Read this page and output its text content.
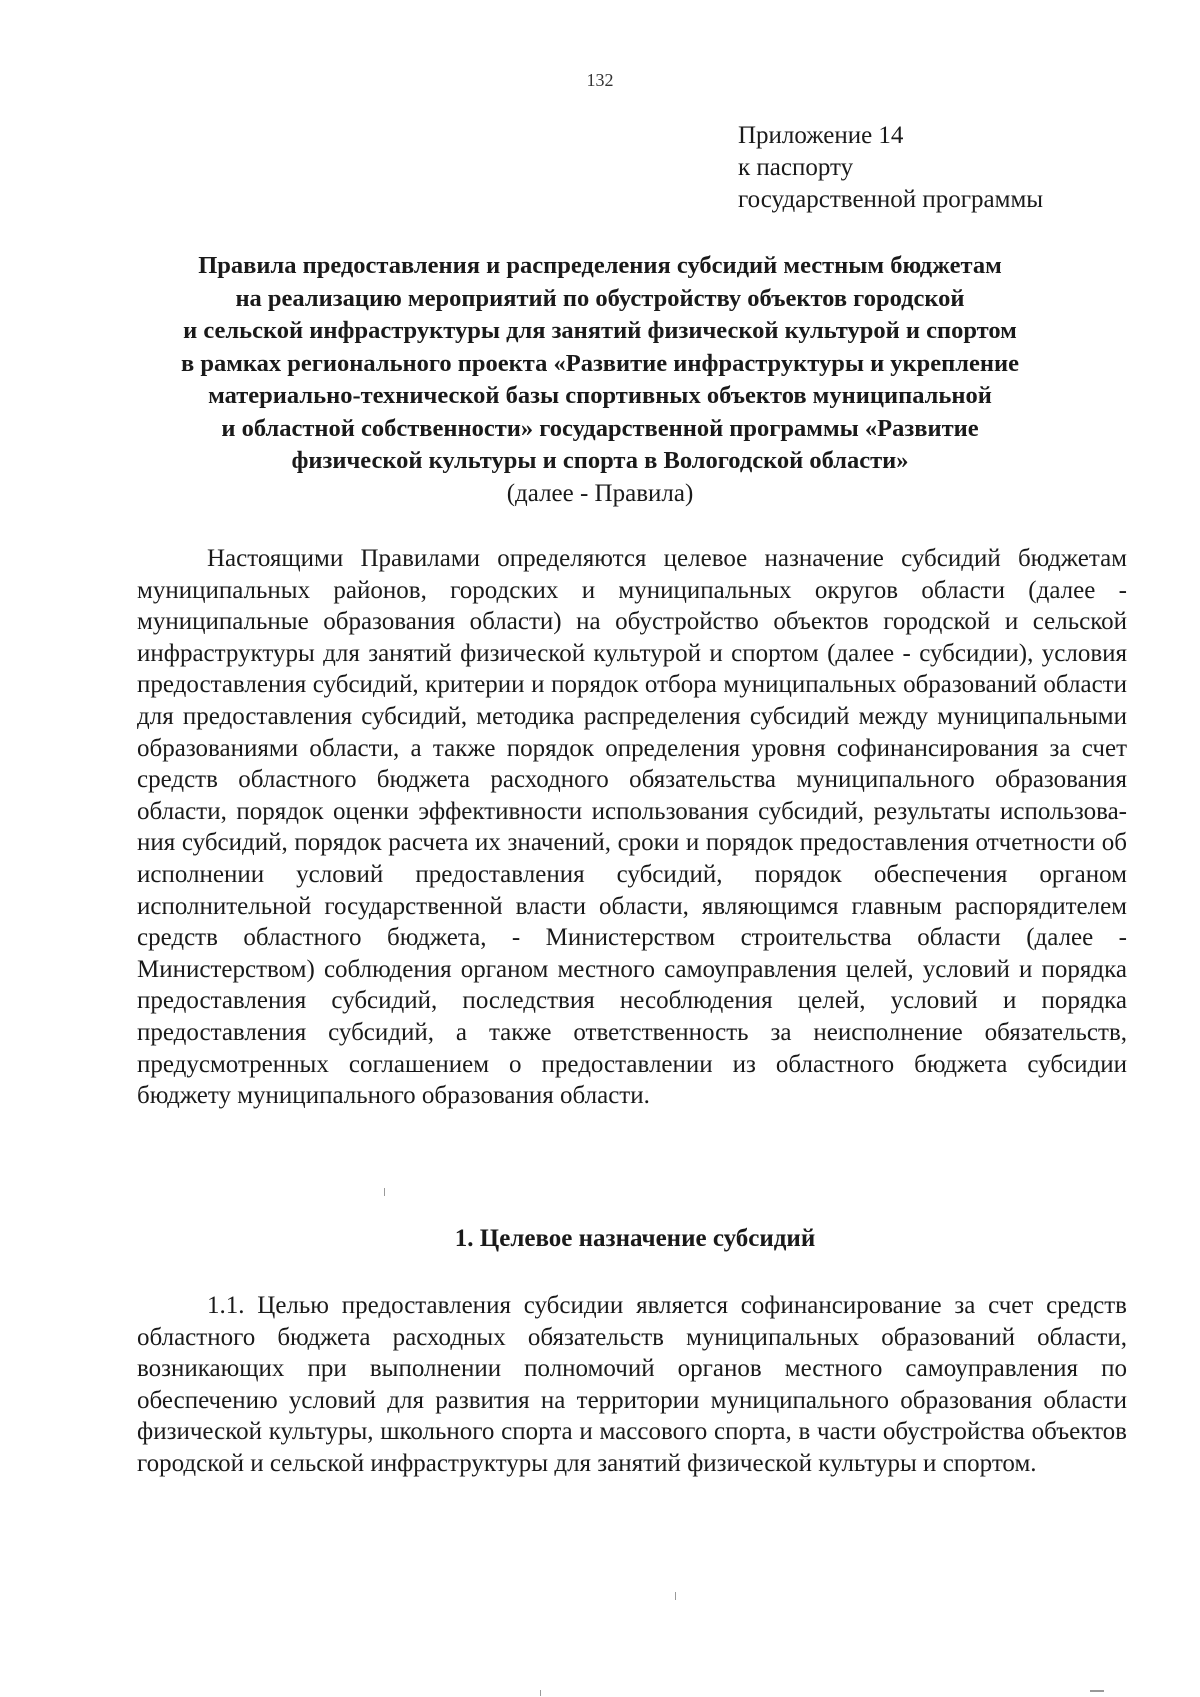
132
Приложение 14
к паспорту
государственной программы
Правила предоставления и распределения субсидий местным бюджетам
на реализацию мероприятий по обустройству объектов городской
и сельской инфраструктуры для занятий физической культурой и спортом
в рамках регионального проекта «Развитие инфраструктуры и укрепление
материально-технической базы спортивных объектов муниципальной
и областной собственности» государственной программы «Развитие
физической культуры и спорта в Вологодской области»
(далее - Правила)

Настоящими Правилами определяются целевое назначение субсидий бюджетам муниципальных районов, городских и муниципальных округов области (далее - муниципальные образования области) на обустройство объектов городской и сельской инфраструктуры для занятий физической культурой и спортом (далее - субсидии), условия предоставления субсидий, критерии и порядок отбора муниципальных образований области для предоставления субсидий, методика распределения субсидий между муниципальными образованиями области, а также порядок определения уровня софинансирования за счет средств областного бюджета расходного обязательства муниципального образования области, порядок оценки эффективности использования субсидий, результаты использования субсидий, порядок расчета их значений, сроки и порядок предоставления отчетности об исполнении условий предоставления субсидий, порядок обеспечения органом исполнительной государственной власти области, являющимся главным распорядителем средств областного бюджета, - Министерством строительства области (далее - Министерством) соблюдения органом местного самоуправления целей, условий и порядка предоставления субсидий, последствия несоблюдения целей, условий и порядка предоставления субсидий, а также ответственность за неисполнение обязательств, предусмотренных соглашением о предоставлении из областного бюджета субсидии бюджету муниципального образования области.

1. Целевое назначение субсидий

1.1. Целью предоставления субсидии является софинансирование за счет средств областного бюджета расходных обязательств муниципальных образований области, возникающих при выполнении полномочий органов местного самоуправления по обеспечению условий для развития на территории муниципального образования области физической культуры, школьного спорта и массового спорта, в части обустройства объектов городской и сельской инфраструктуры для занятий физической культуры и спортом.
